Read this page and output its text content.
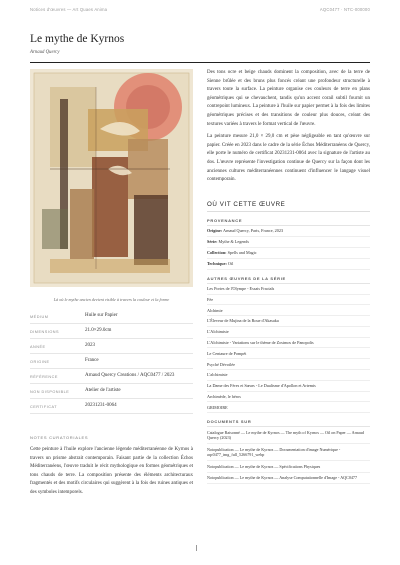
Notices d'œuvres — Art Quaes Anima	AQC0477 · NTC-000000
Le mythe de Kyrnos
Arnaud Quercy
Là où le mythe ancien devient visible à travers la couleur et la forme
MÉDIUM	Huile sur Papier
DIMENSIONS	21.0×29.0cm
ANNÉE	2023
ORIGINE	France
RÉFÉRENCE	Arnaud Quercy Creations / AQC0477 / 2023
NON DISPONIBLE	Atelier de l'artiste
CERTIFICAT	20231231-0064
NOTES CURATORIALES

Cette peinture à l'huile explore l'ancienne légende méditerranéenne de Kyrnos à travers un prisme abstrait contemporain. Faisant partie de la collection Échos Méditerranéens, l'œuvre traduit le récit mythologique en formes géométriques et tons chauds de terre. La composition présente des éléments architecturaux fragmentés et des motifs circulaires qui suggèrent à la fois des ruines antiques et des symboles intemporels.

Des tons ocre et beige chauds dominent la composition, avec de la terre de Sienne brûlée et des bruns plus foncés créant une profondeur structurelle à travers toute la surface. La peinture organise ces couleurs de terre en plans géométriques qui se chevauchent, tandis qu'un accent corail subtil fournit un contrepoint lumineux. La peinture à l'huile sur papier permet à la fois des limites géométriques précises et des transitions de couleur plus douces, créant des textures variées à travers le format vertical de l'œuvre.

La peinture mesure 21,0 × 29,0 cm et pèse négligeable en tant qu'œuvre sur papier. Créée en 2023 dans le cadre de la série Échos Méditerranéens de Quercy, elle porte le numéro de certificat 20231231-0064 avec la signature de l'artiste au dos. L'œuvre représente l'investigation continue de Quercy sur la façon dont les anciennes cultures méditerranéennes continuent d'influencer le langage visuel contemporain.

OÙ VIT CETTE ŒUVRE
PROVENANCE
Origine: Arnaud Quercy, Paris, France, 2023
Série: Mythe & Legends
Collection: Spells and Magic
Technique: Oil
AUTRES ŒUVRES DE LA SÉRIE
Les Portes de l'Olympe - Essais Fractals
Fée
Alchimie
L'Éleveur de Mujina de la Roue d'Akasaka
L'Alchimiste
L'Alchimiste - Variations sur le thème de Zosimos de Panopolis
Le Centaure de Pompéi
Psyché Dévoilée
L'alchimiste
La Dame des Fères et Sœurs - Le Dualisme d'Apollon et Artemis
Archimède, le héros
GRIMOIRE
DOCUMENTS SUR
Catalogue Raisonné — Le mythe de Kyrnos — The myth of Kyrnos — Oil on Paper — Arnaud Quercy (2023)
Notopublication — Le mythe de Kyrnos — Documentation d'image Numérique - aqc0477_img_full_5266791_webp
Notopublication — Le mythe de Kyrnos — Spécifications Physiques
Notopublication — Le mythe de Kyrnos — Analyse Computationnelle d'Image - AQC0477
